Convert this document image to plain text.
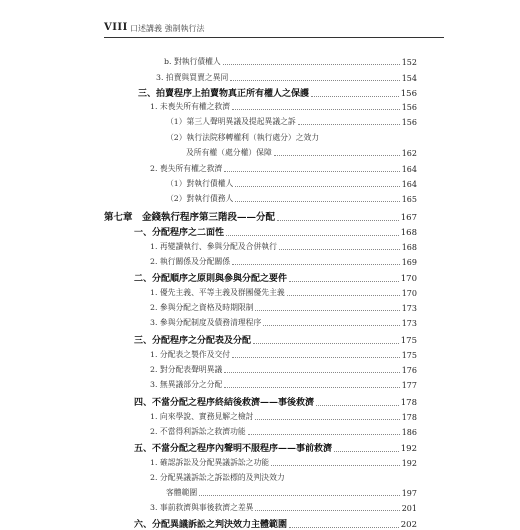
VIII 口述講義 強制執行法
b. 對執行債權人	152
3. 拍賣與買賣之異同	154
三、拍賣程序上拍賣物真正所有權人之保護	156
1. 未喪失所有權之救濟	156
（1）第三人聲明異議及提起異議之訴	156
（2）執行法院移轉權利（執行處分）之效力
及所有權（處分權）保障	162
2. 喪失所有權之救濟	164
（1）對執行債權人	164
（2）對執行債務人	165
第七章　金錢執行程序第三階段——分配	167
一、分配程序之二面性	168
1. 再變讀執行、參與分配及合併執行	168
2. 執行關係及分配關係	169
二、分配順序之原則與參與分配之要件	170
1. 優先主義、平等主義及群團優先主義	170
2. 參與分配之資格及時期限制	173
3. 參與分配制度及債務清理程序	173
三、分配程序之分配表及分配	175
1. 分配表之製作及交付	175
2. 對分配表聲明異議	176
3. 無異議部分之分配	177
四、不當分配之程序終結後救濟——事後救濟	178
1. 向來學說、實務見解之檢討	178
2. 不當得利訴訟之救濟功能	186
五、不當分配之程序內聲明不服程序——事前救濟	192
1. 確認訴訟及分配異議訴訟之功能	192
2. 分配異議訴訟之訴訟標的及判決效力
客體範圍	197
3. 事前救濟與事後救濟之差異	201
六、分配異議訴訟之判決效力主體範圍	202
